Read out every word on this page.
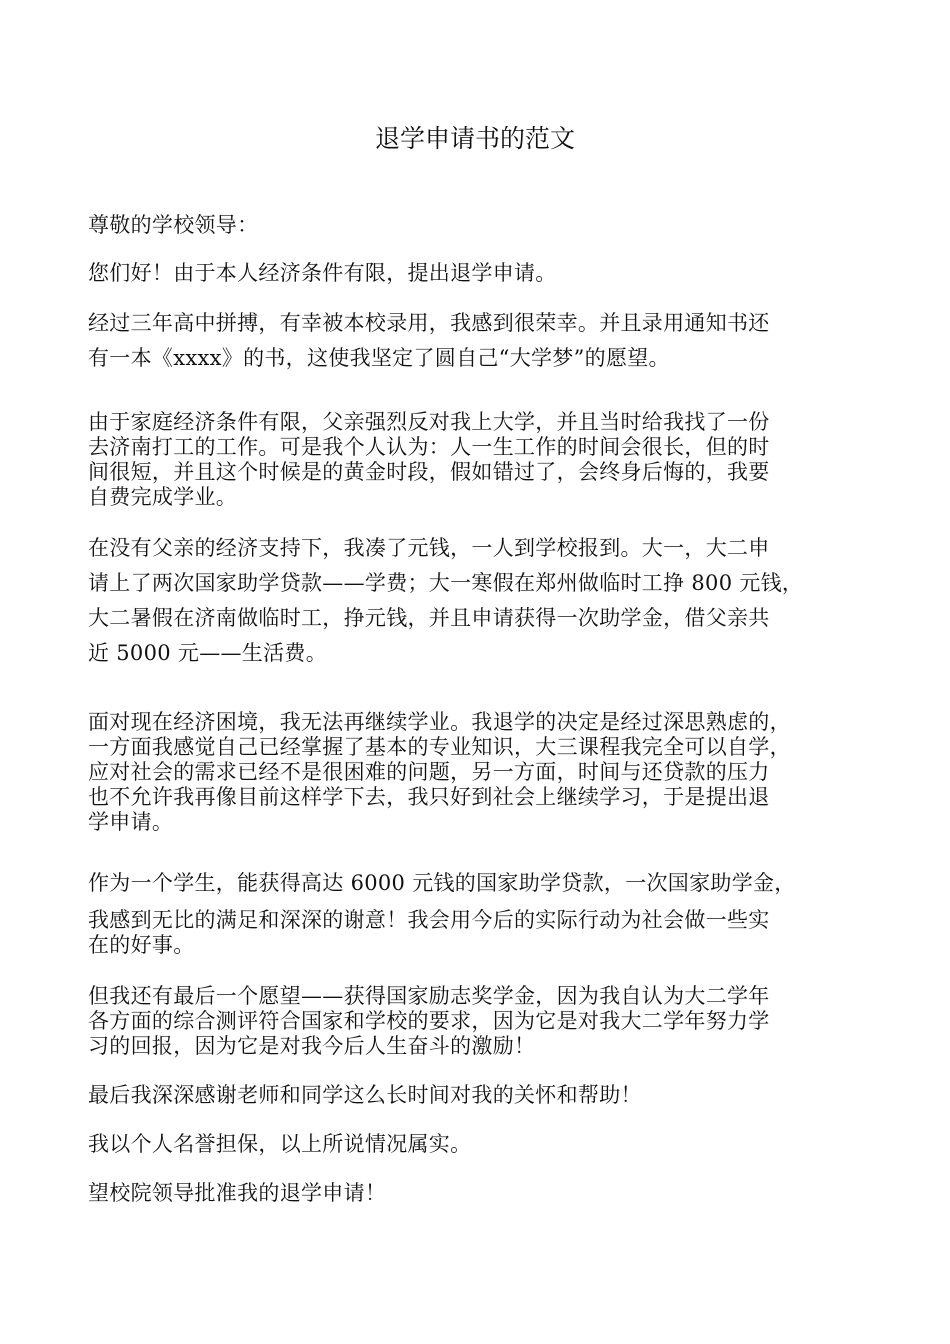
退学申请书的范文
尊敬的学校领导：
您们好！由于本人经济条件有限，提出退学申请。
经过三年高中拼搏，有幸被本校录用，我感到很荣幸。并且录用通知书还
有一本《xxxx》的书，这使我坚定了圆自己“大学梦”的愿望。
由于家庭经济条件有限，父亲强烈反对我上大学，并且当时给我找了一份
去济南打工的工作。可是我个人认为：人一生工作的时间会很长，但的时
间很短，并且这个时候是的黄金时段，假如错过了，会终身后悔的，我要
自费完成学业。
在没有父亲的经济支持下，我凑了元钱，一人到学校报到。大一，大二申
请上了两次国家助学贷款——学费；大一寒假在郑州做临时工挣 800 元钱，
大二暑假在济南做临时工，挣元钱，并且申请获得一次助学金，借父亲共
近 5000 元——生活费。
面对现在经济困境，我无法再继续学业。我退学的决定是经过深思熟虑的，
一方面我感觉自己已经掌握了基本的专业知识，大三课程我完全可以自学，
应对社会的需求已经不是很困难的问题，另一方面，时间与还贷款的压力
也不允许我再像目前这样学下去，我只好到社会上继续学习，于是提出退
学申请。
作为一个学生，能获得高达 6000 元钱的国家助学贷款，一次国家助学金，
我感到无比的满足和深深的谢意！我会用今后的实际行动为社会做一些实
在的好事。
但我还有最后一个愿望——获得国家励志奖学金，因为我自认为大二学年
各方面的综合测评符合国家和学校的要求，因为它是对我大二学年努力学
习的回报，因为它是对我今后人生奋斗的激励！
最后我深深感谢老师和同学这么长时间对我的关怀和帮助！
我以个人名誉担保，以上所说情况属实。
望校院领导批准我的退学申请！
